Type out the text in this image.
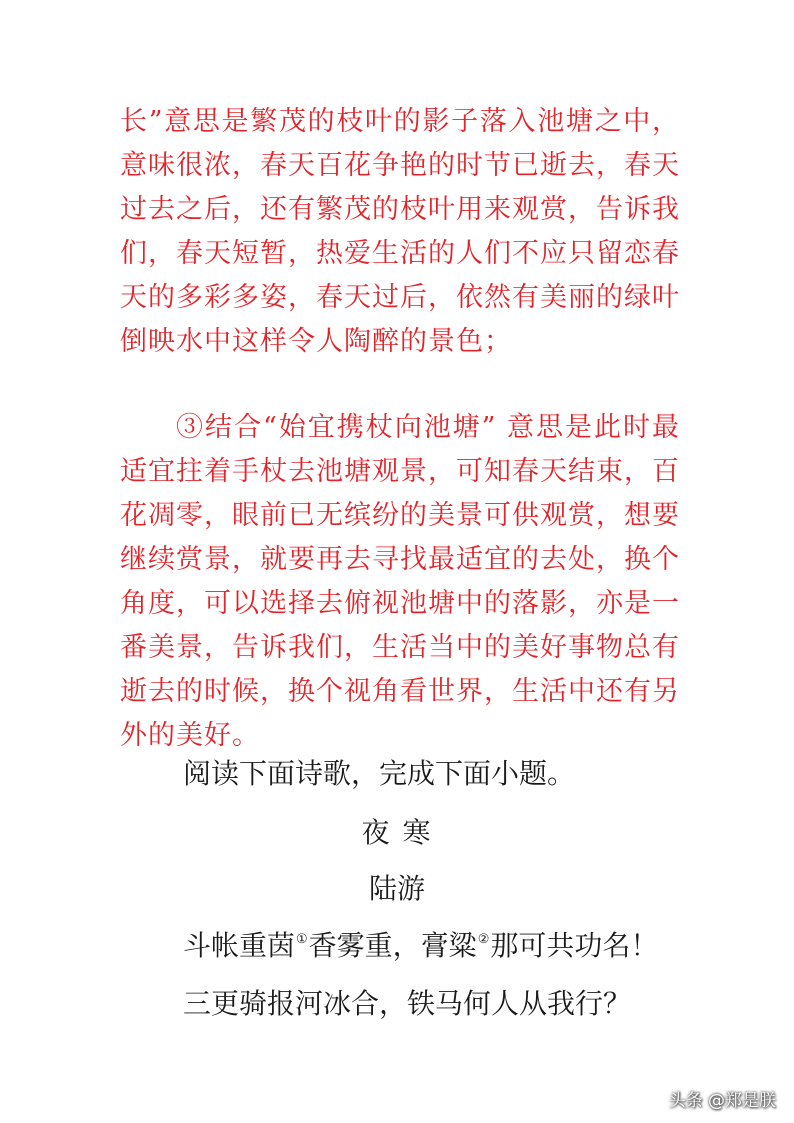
长”意思是繁茂的枝叶的影子落入池塘之中，意味很浓，春天百花争艳的时节已逝去，春天过去之后，还有繁茂的枝叶用来观赏，告诉我们，春天短暂，热爱生活的人们不应只留恋春天的多彩多姿，春天过后，依然有美丽的绿叶倒映水中这样令人陶醉的景色；

③结合“始宜携杖向池塘” 意思是此时最适宜拄着手杖去池塘观景，可知春天结束，百花凋零，眼前已无缤纷的美景可供观赏，想要继续赏景，就要再去寻找最适宜的去处，换个角度，可以选择去俯视池塘中的落影，亦是一番美景，告诉我们，生活当中的美好事物总有逝去的时候，换个视角看世界，生活中还有另外的美好。

阅读下面诗歌，完成下面小题。
夜 寒
陆游
斗帐重茵①香雾重，膏粱②那可共功名！
三更骑报河冰合，铁马何人从我行？
头条 @郑是朕
